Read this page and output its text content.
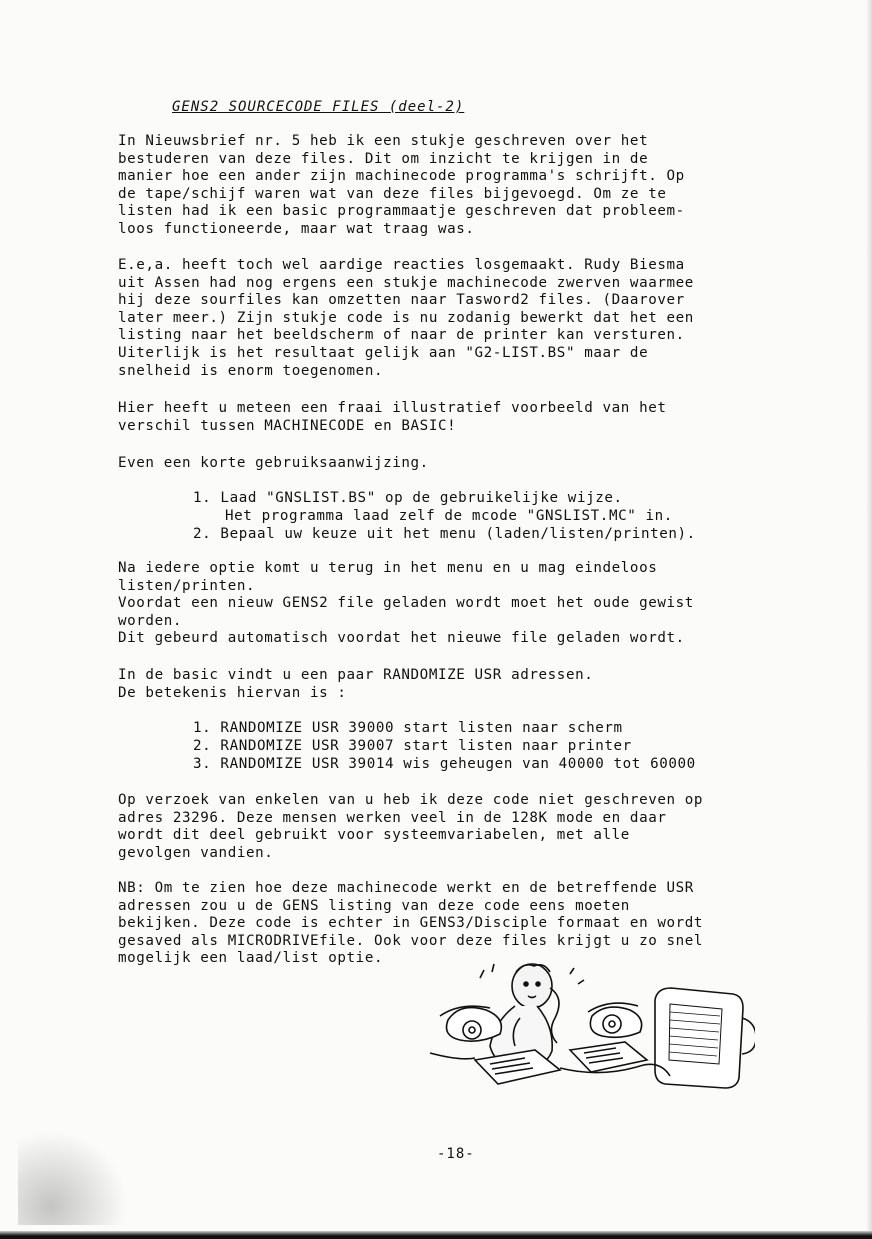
GENS2 SOURCECODE FILES (deel-2)
In Nieuwsbrief nr. 5 heb ik een stukje geschreven over het
bestuderen van deze files. Dit om inzicht te krijgen in de
manier hoe een ander zijn machinecode programma's schrijft. Op
de tape/schijf waren wat van deze files bijgevoegd. Om ze te
listen had ik een basic programmaatje geschreven dat probleem-
loos functioneerde, maar wat traag was.
E.e,a. heeft toch wel aardige reacties losgemaakt. Rudy Biesma
uit Assen had nog ergens een stukje machinecode zwerven waarmee
hij deze sourfiles kan omzetten naar Tasword2 files. (Daarover
later meer.) Zijn stukje code is nu zodanig bewerkt dat het een
listing naar het beeldscherm of naar de printer kan versturen.
Uiterlijk is het resultaat gelijk aan "G2-LIST.BS" maar de
snelheid is enorm toegenomen.
Hier heeft u meteen een fraai illustratief voorbeeld van het
verschil tussen MACHINECODE en BASIC!
Even een korte gebruiksaanwijzing.
1. Laad "GNSLIST.BS" op de gebruikelijke wijze.
Het programma laad zelf de mcode "GNSLIST.MC" in.
2. Bepaal uw keuze uit het menu (laden/listen/printen).
Na iedere optie komt u terug in het menu en u mag eindeloos
listen/printen.
Voordat een nieuw GENS2 file geladen wordt moet het oude gewist
worden.
Dit gebeurd automatisch voordat het nieuwe file geladen wordt.
In de basic vindt u een paar RANDOMIZE USR adressen.
De betekenis hiervan is :
1. RANDOMIZE USR 39000 start listen naar scherm
2. RANDOMIZE USR 39007 start listen naar printer
3. RANDOMIZE USR 39014 wis geheugen van 40000 tot 60000
Op verzoek van enkelen van u heb ik deze code niet geschreven op
adres 23296. Deze mensen werken veel in de 128K mode en daar
wordt dit deel gebruikt voor systeemvariabelen, met alle
gevolgen vandien.
NB: Om te zien hoe deze machinecode werkt en de betreffende USR
adressen zou u de GENS listing van deze code eens moeten
bekijken. Deze code is echter in GENS3/Disciple formaat en wordt
gesaved als MICRODRIVEfile. Ook voor deze files krijgt u zo snel
mogelijk een laad/list optie.
-18-
